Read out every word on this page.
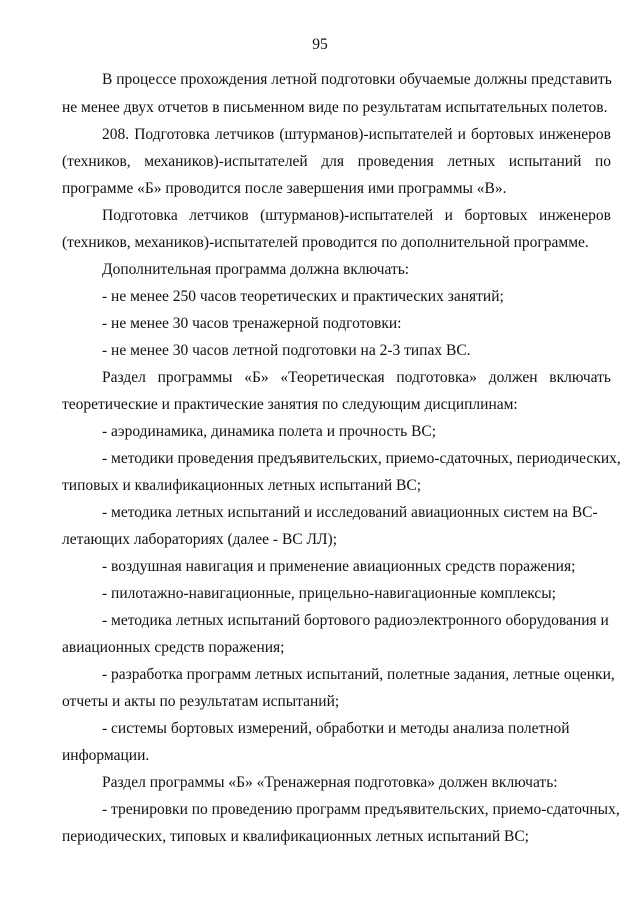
95
В процессе прохождения летной подготовки обучаемые должны представить
не менее двух отчетов в письменном виде по результатам испытательных полетов.
208. Подготовка летчиков (штурманов)-испытателей и бортовых инженеров
(техников, механиков)-испытателей для проведения летных испытаний по
программе «Б» проводится после завершения ими программы «В».
Подготовка летчиков (штурманов)-испытателей и бортовых инженеров
(техников, механиков)-испытателей проводится по дополнительной программе.
Дополнительная программа должна включать:
- не менее 250 часов теоретических и практических занятий;
- не менее 30 часов тренажерной подготовки:
- не менее 30 часов летной подготовки на 2-3 типах ВС.
Раздел программы «Б» «Теоретическая подготовка» должен включать
теоретические и практические занятия по следующим дисциплинам:
- аэродинамика, динамика полета и прочность ВС;
- методики проведения предъявительских, приемо-сдаточных, периодических,
типовых и квалификационных летных испытаний ВС;
- методика летных испытаний и исследований авиационных систем на ВС-
летающих лабораториях (далее - ВС ЛЛ);
- воздушная навигация и применение авиационных средств поражения;
- пилотажно-навигационные, прицельно-навигационные комплексы;
- методика летных испытаний бортового радиоэлектронного оборудования и
авиационных средств поражения;
- разработка программ летных испытаний, полетные задания, летные оценки,
отчеты и акты по результатам испытаний;
- системы бортовых измерений, обработки и методы анализа полетной
информации.
Раздел программы «Б» «Тренажерная подготовка» должен включать:
- тренировки по проведению программ предъявительских, приемо-сдаточных,
периодических, типовых и квалификационных летных испытаний ВС;
